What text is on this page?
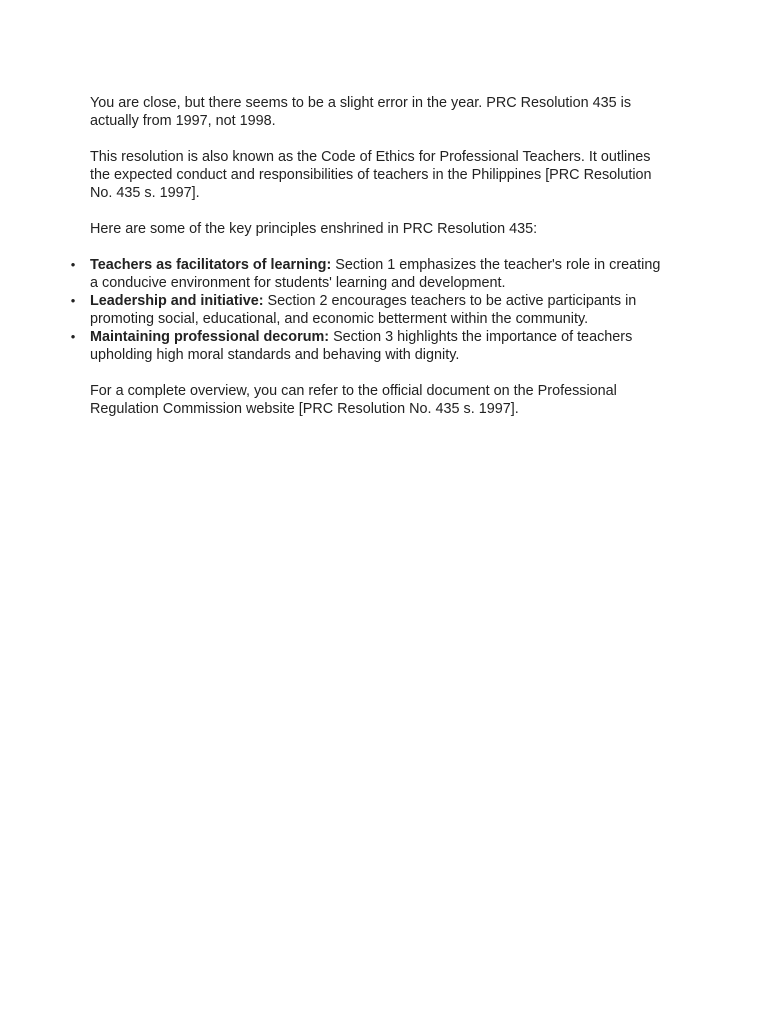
You are close, but there seems to be a slight error in the year. PRC Resolution 435 is actually from 1997, not 1998.

This resolution is also known as the Code of Ethics for Professional Teachers. It outlines the expected conduct and responsibilities of teachers in the Philippines [PRC Resolution No. 435 s. 1997].

Here are some of the key principles enshrined in PRC Resolution 435:

• Teachers as facilitators of learning: Section 1 emphasizes the teacher's role in creating a conducive environment for students' learning and development.
• Leadership and initiative: Section 2 encourages teachers to be active participants in promoting social, educational, and economic betterment within the community.
• Maintaining professional decorum: Section 3 highlights the importance of teachers upholding high moral standards and behaving with dignity.

For a complete overview, you can refer to the official document on the Professional Regulation Commission website [PRC Resolution No. 435 s. 1997].
